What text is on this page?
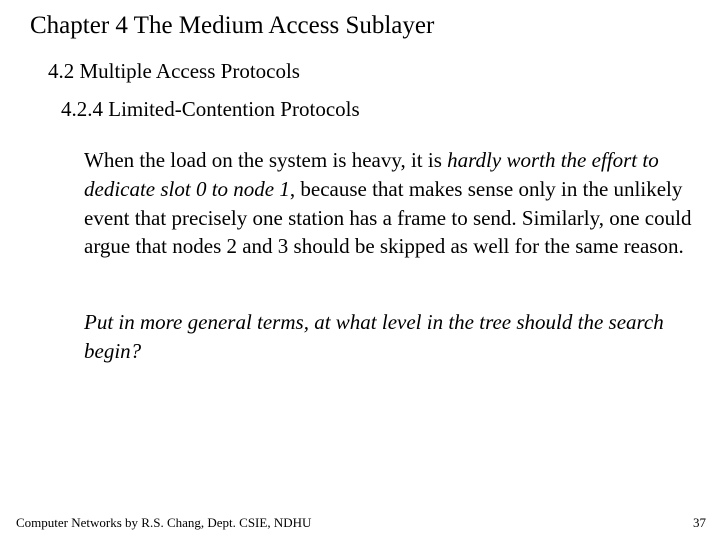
Chapter 4 The Medium Access Sublayer
4.2 Multiple Access Protocols
4.2.4 Limited-Contention Protocols

When the load on the system is heavy, it is hardly worth the effort to dedicate slot 0 to node 1, because that makes sense only in the unlikely event that precisely one station has a frame to send. Similarly, one could argue that nodes 2 and 3 should be skipped as well for the same reason.

Put in more general terms, at what level in the tree should the search begin?

Computer Networks by R.S. Chang, Dept. CSIE, NDHU	37
